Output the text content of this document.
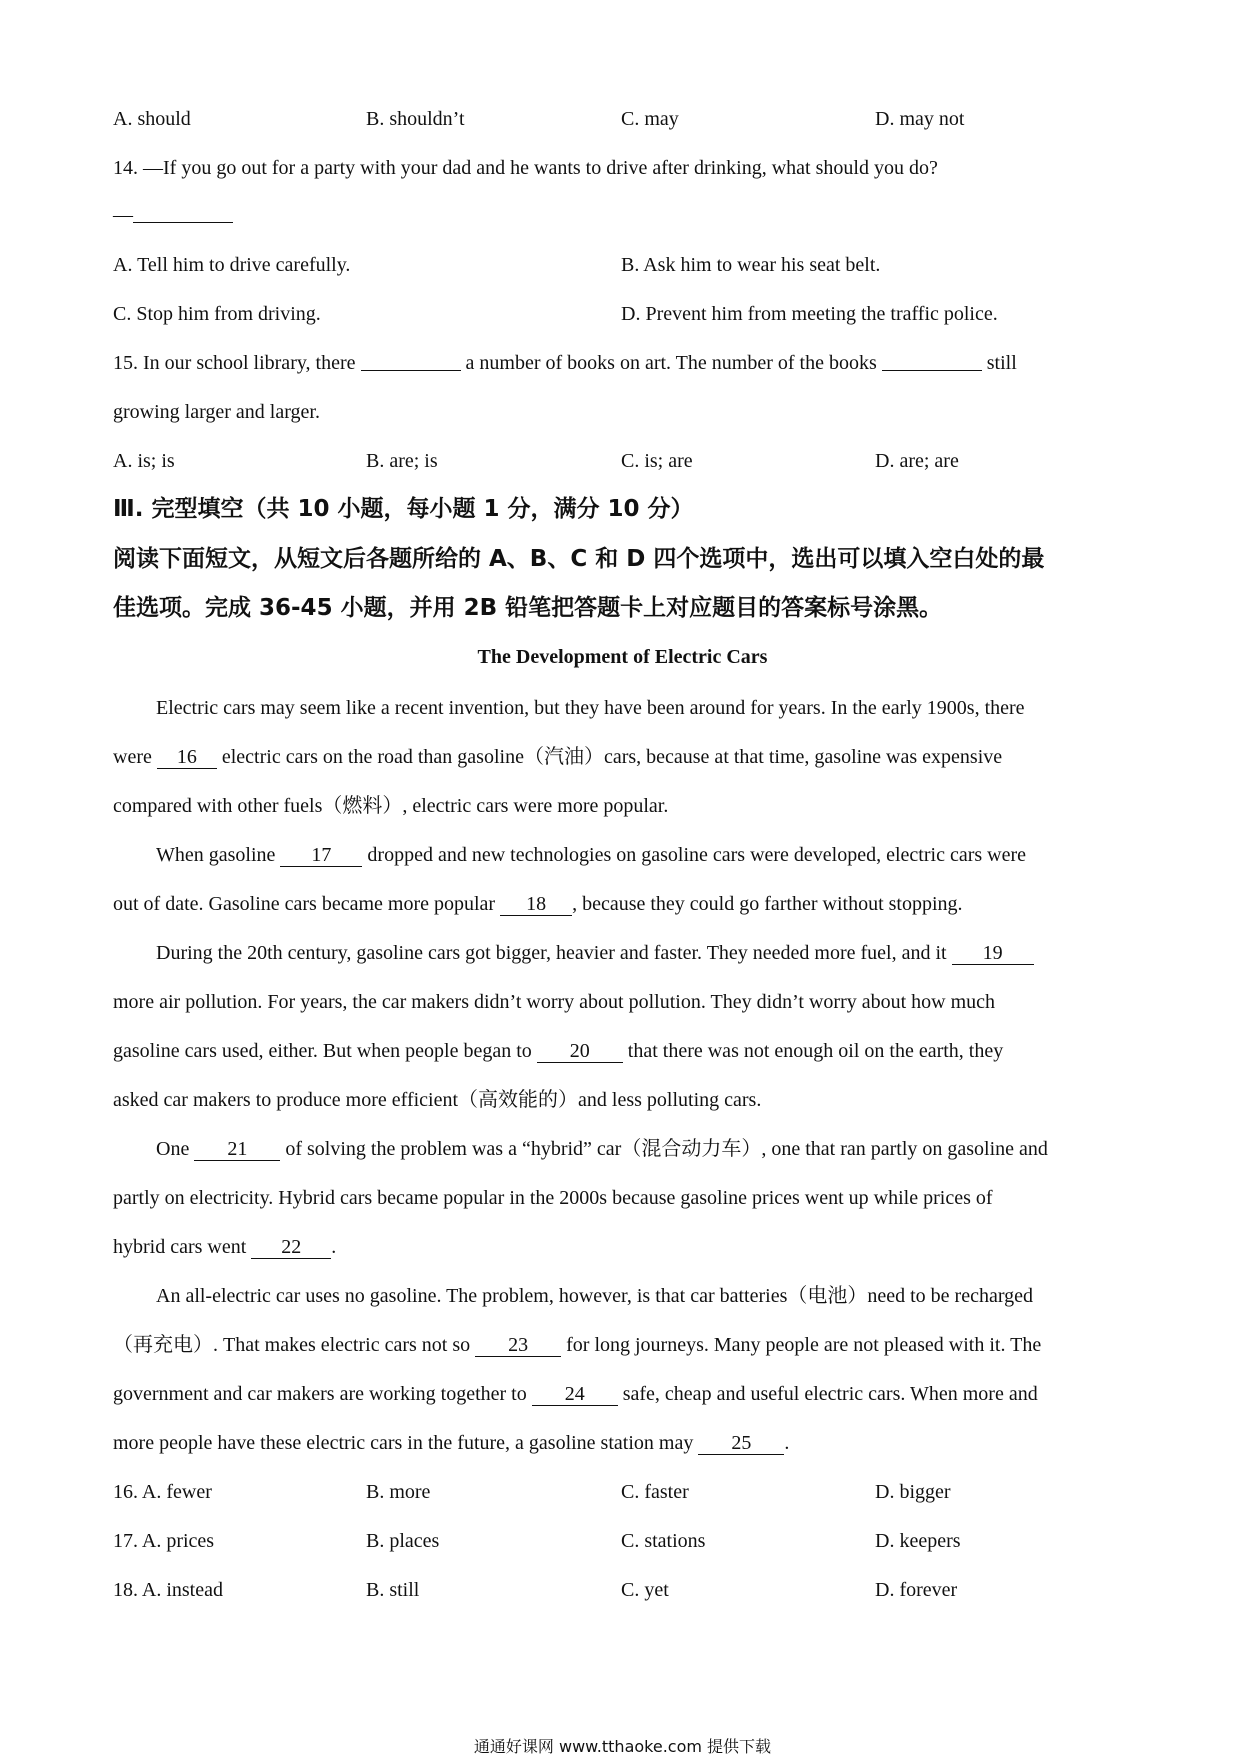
A. should	B. shouldn’t	C. may	D. may not
14. —If you go out for a party with your dad and he wants to drive after drinking, what should you do?
—
A. Tell him to drive carefully.	B. Ask him to wear his seat belt.
C. Stop him from driving.	D. Prevent him from meeting the traffic police.
15. In our school library, there	a number of books on art. The number of the books	still
growing larger and larger.
A. is; is	B. are; is	C. is; are	D. are; are
Ⅲ. 完型填空（共 10 小题，每小题 1 分，满分 10 分）
阅读下面短文，从短文后各题所给的 A、B、C 和 D 四个选项中，选出可以填入空白处的最
佳选项。完成 36-45 小题，并用 2B 铅笔把答题卡上对应题目的答案标号涂黑。
The Development of Electric Cars
Electric cars may seem like a recent invention, but they have been around for years. In the early 1900s, there
were 16 electric cars on the road than gasoline（汽油）cars, because at that time, gasoline was expensive
compared with other fuels（燃料）, electric cars were more popular.
When gasoline 17 dropped and new technologies on gasoline cars were developed, electric cars were
out of date. Gasoline cars became more popular 18 , because they could go farther without stopping.
During the 20th century, gasoline cars got bigger, heavier and faster. They needed more fuel, and it 19
more air pollution. For years, the car makers didn’t worry about pollution. They didn’t worry about how much
gasoline cars used, either. But when people began to 20 that there was not enough oil on the earth, they
asked car makers to produce more efficient（高效能的）and less polluting cars.
One 21 of solving the problem was a “hybrid” car（混合动力车）, one that ran partly on gasoline and
partly on electricity. Hybrid cars became popular in the 2000s because gasoline prices went up while prices of
hybrid cars went 22 .
An all-electric car uses no gasoline. The problem, however, is that car batteries（电池）need to be recharged
（再充电）. That makes electric cars not so 23 for long journeys. Many people are not pleased with it. The
government and car makers are working together to 24 safe, cheap and useful electric cars. When more and
more people have these electric cars in the future, a gasoline station may 25 .
16. A. fewer	B. more	C. faster	D. bigger
17. A. prices	B. places	C. stations	D. keepers
18. A. instead	B. still	C. yet	D. forever
通通好课网 www.tthaoke.com 提供下载
